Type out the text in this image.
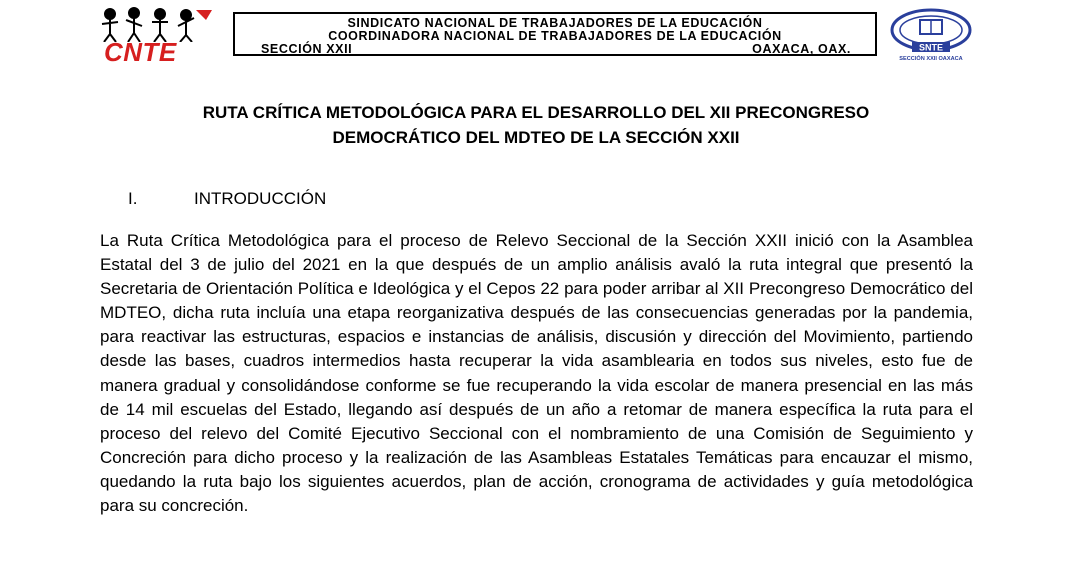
CNTE
SINDICATO NACIONAL DE TRABAJADORES DE LA EDUCACIÓN
COORDINADORA NACIONAL DE TRABAJADORES DE LA EDUCACIÓN
SECCIÓN XXII	OAXACA, OAX.	SNTE
SECCIÓN XXII OAXACA
RUTA CRÍTICA METODOLÓGICA PARA EL DESARROLLO DEL XII PRECONGRESO
DEMOCRÁTICO DEL MDTEO DE LA SECCIÓN XXII
I.	INTRODUCCIÓN
La Ruta Crítica Metodológica para el proceso de Relevo Seccional de la Sección XXII inició con la Asamblea Estatal del 3 de julio del 2021 en la que después de un amplio análisis avaló la ruta integral que presentó la Secretaria de Orientación Política e Ideológica y el Cepos 22 para poder arribar al XII Precongreso Democrático del MDTEO, dicha ruta incluía una etapa reorganizativa después de las consecuencias generadas por la pandemia, para reactivar las estructuras, espacios e instancias de análisis, discusión y dirección del Movimiento, partiendo desde las bases, cuadros intermedios hasta recuperar la vida asamblearia en todos sus niveles, esto fue de manera gradual y consolidándose conforme se fue recuperando la vida escolar de manera presencial en las más de 14 mil escuelas del Estado, llegando así después de un año a retomar de manera específica la ruta para el proceso del relevo del Comité Ejecutivo Seccional con el nombramiento de una Comisión de Seguimiento y Concreción para dicho proceso y la realización de las Asambleas Estatales Temáticas para encauzar el mismo, quedando la ruta bajo los siguientes acuerdos, plan de acción, cronograma de actividades y guía metodológica para su concreción.
